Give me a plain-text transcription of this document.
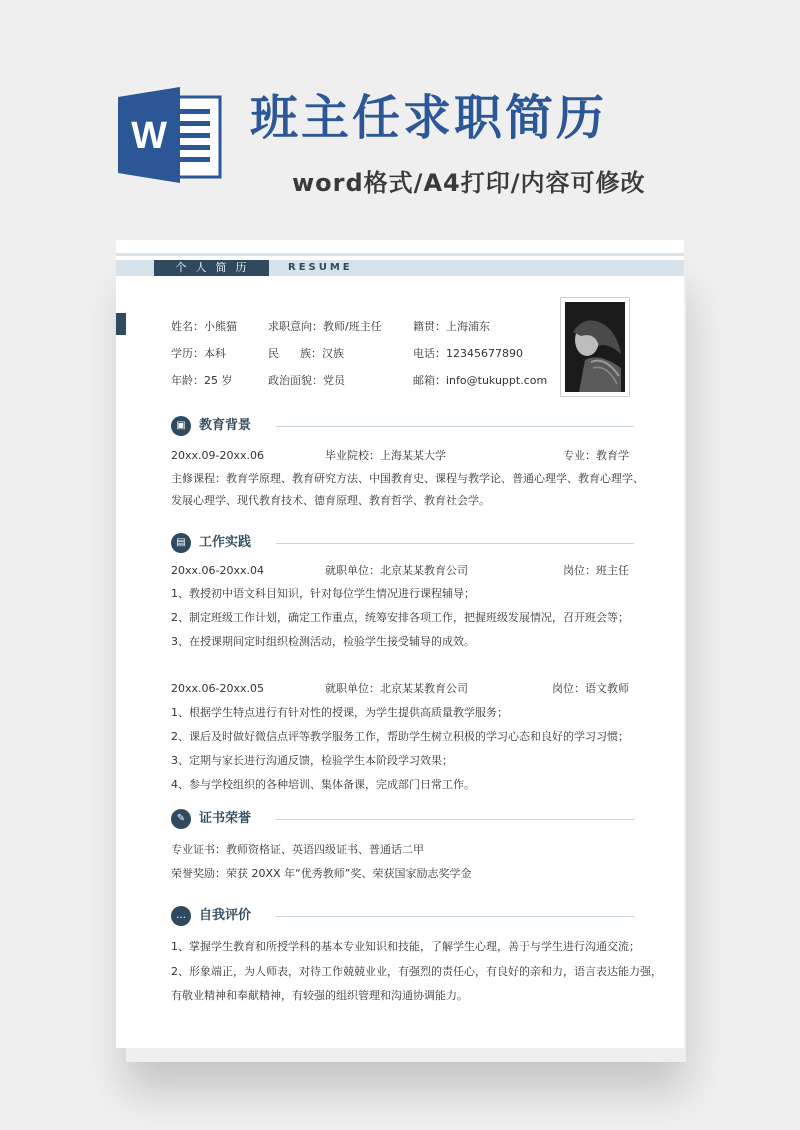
W 班主任求职简历
word格式/A4打印/内容可修改
个人简历	RESUME
姓名：小熊猫	求职意向：教师/班主任	籍贯：上海浦东
学历：本科	民      族：汉族	电话：12345677890
年龄：25 岁	政治面貌：党员	邮箱：info@tukuppt.com
▣	教育背景
20xx.09-20xx.06	毕业院校：上海某某大学	专业：教育学
主修课程：教育学原理、教育研究方法、中国教育史、课程与教学论、普通心理学、教育心理学、
发展心理学、现代教育技术、德育原理、教育哲学、教育社会学。
▤	工作实践
20xx.06-20xx.04	就职单位：北京某某教育公司	岗位：班主任
1、教授初中语文科目知识，针对每位学生情况进行课程辅导；
2、制定班级工作计划，确定工作重点，统筹安排各项工作，把握班级发展情况，召开班会等；
3、在授课期间定时组织检测活动，检验学生接受辅导的成效。
20xx.06-20xx.05	就职单位：北京某某教育公司	岗位：语文教师
1、根据学生特点进行有针对性的授课，为学生提供高质量教学服务；
2、课后及时做好微信点评等教学服务工作，帮助学生树立积极的学习心态和良好的学习习惯；
3、定期与家长进行沟通反馈，检验学生本阶段学习效果；
4、参与学校组织的各种培训、集体备课，完成部门日常工作。
✎	证书荣誉
专业证书：教师资格证、英语四级证书、普通话二甲
荣誉奖励：荣获 20XX 年“优秀教师”奖、荣获国家励志奖学金
…	自我评价
1、掌握学生教育和所授学科的基本专业知识和技能，了解学生心理，善于与学生进行沟通交流；
2、形象端正，为人师表，对待工作兢兢业业，有强烈的责任心，有良好的亲和力，语言表达能力强，
有敬业精神和奉献精神，有较强的组织管理和沟通协调能力。
